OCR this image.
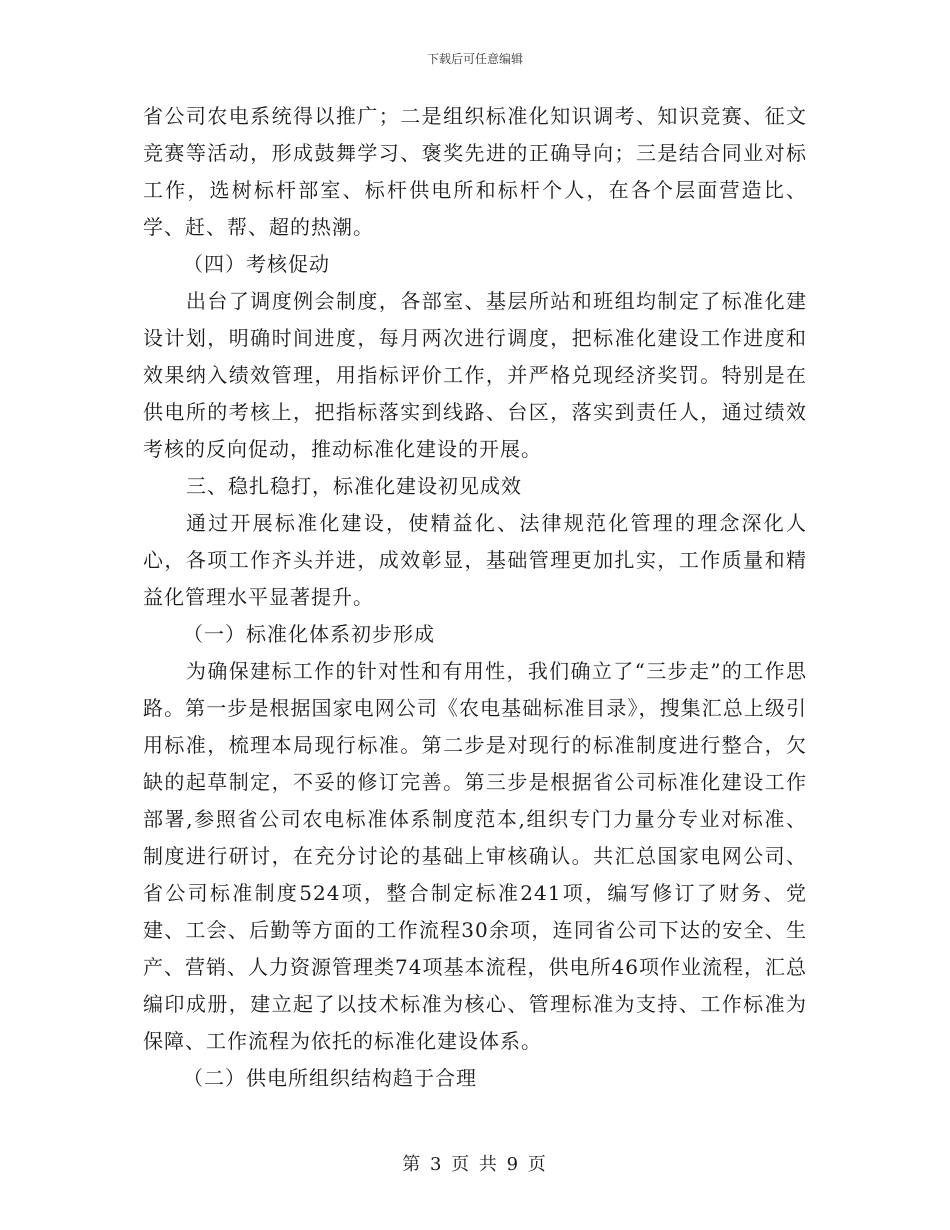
下载后可任意编辑

省公司农电系统得以推广；二是组织标准化知识调考、知识竞赛、征文竞赛等活动，形成鼓舞学习、褒奖先进的正确导向；三是结合同业对标工作，选树标杆部室、标杆供电所和标杆个人，在各个层面营造比、学、赶、帮、超的热潮。

（四）考核促动

出台了调度例会制度，各部室、基层所站和班组均制定了标准化建设计划，明确时间进度，每月两次进行调度，把标准化建设工作进度和效果纳入绩效管理，用指标评价工作，并严格兑现经济奖罚。特别是在供电所的考核上，把指标落实到线路、台区，落实到责任人，通过绩效考核的反向促动，推动标准化建设的开展。

三、稳扎稳打，标准化建设初见成效

通过开展标准化建设，使精益化、法律规范化管理的理念深化人心，各项工作齐头并进，成效彰显，基础管理更加扎实，工作质量和精益化管理水平显著提升。

（一）标准化体系初步形成

为确保建标工作的针对性和有用性，我们确立了“三步走”的工作思路。第一步是根据国家电网公司《农电基础标准目录》，搜集汇总上级引用标准，梳理本局现行标准。第二步是对现行的标准制度进行整合，欠缺的起草制定，不妥的修订完善。第三步是根据省公司标准化建设工作部署,参照省公司农电标准体系制度范本,组织专门力量分专业对标准、制度进行研讨，在充分讨论的基础上审核确认。共汇总国家电网公司、省公司标准制度524项，整合制定标准241项，编写修订了财务、党建、工会、后勤等方面的工作流程30余项，连同省公司下达的安全、生产、营销、人力资源管理类74项基本流程，供电所46项作业流程，汇总编印成册，建立起了以技术标准为核心、管理标准为支持、工作标准为保障、工作流程为依托的标准化建设体系。

（二）供电所组织结构趋于合理

第 3 页 共 9 页
